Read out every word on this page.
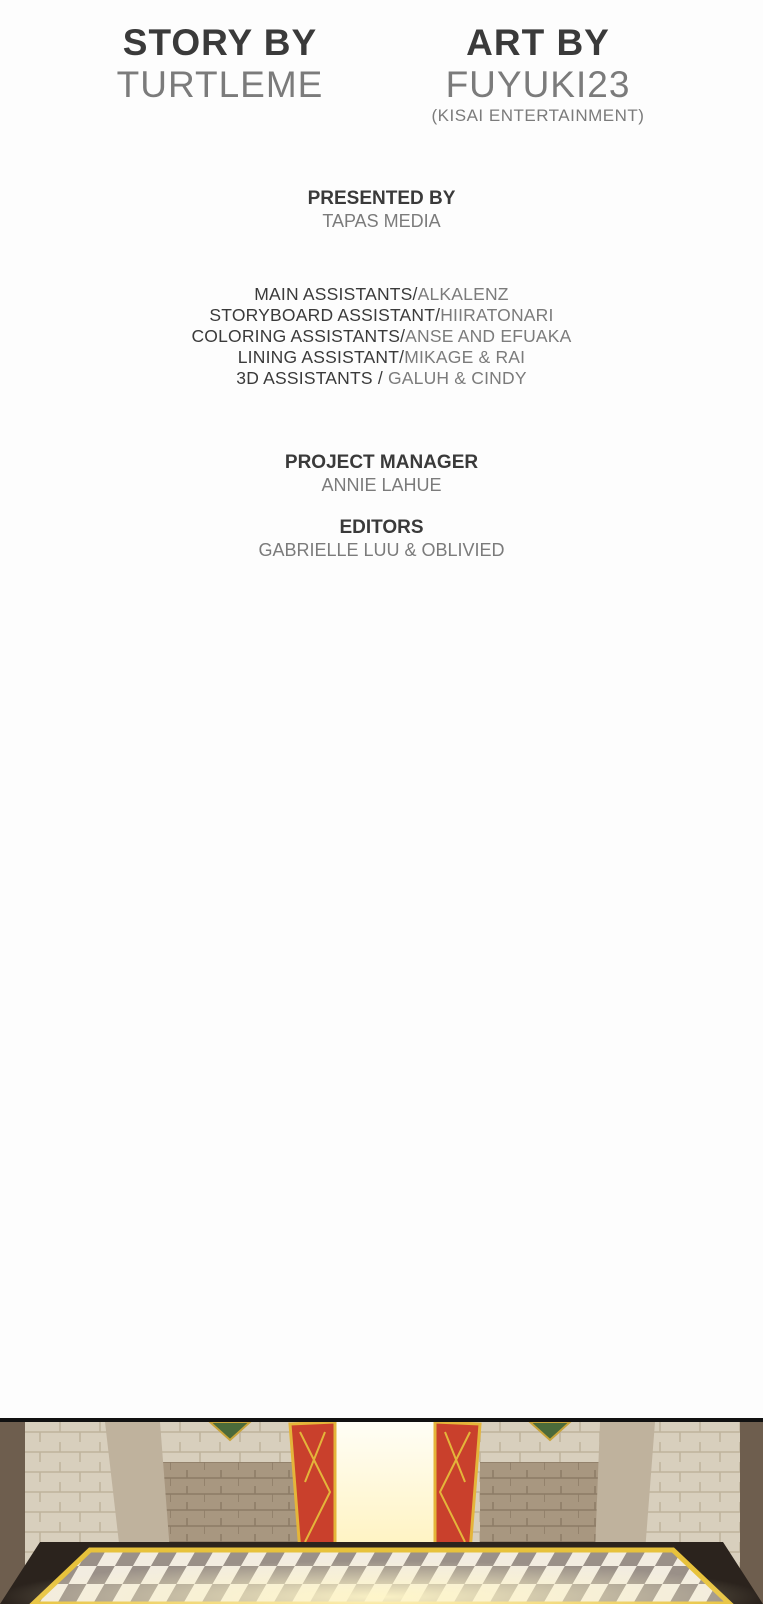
STORY BY
TURTLEME
ART BY
FUYUKI23
(KISAI ENTERTAINMENT)
PRESENTED BY
TAPAS MEDIA
MAIN ASSISTANTS/ALKALENZ
STORYBOARD ASSISTANT/HIIRATONARI
COLORING ASSISTANTS/ANSE AND EFUAKA
LINING ASSISTANT/MIKAGE & RAI
3D ASSISTANTS / GALUH & CINDY
PROJECT MANAGER
ANNIE LAHUE
EDITORS
GABRIELLE LUU & OBLIVIED
